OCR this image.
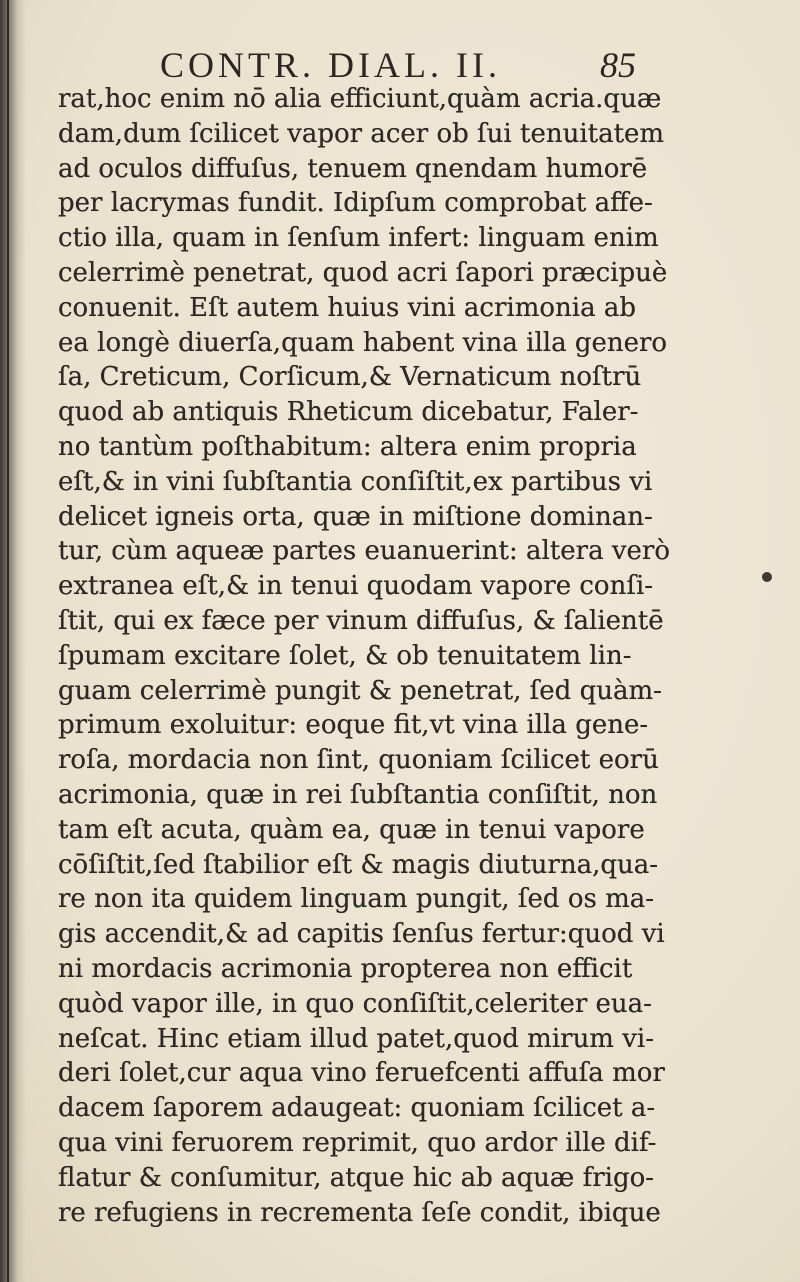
CONTR. DIAL. II.	85
rat,hoc enim nō alia efficiunt,quàm acria.quæ
dam,dum ſcilicet vapor acer ob ſui tenuitatem
ad oculos diffuſus, tenuem qnendam humorē
per lacrymas fundit. Idipſum comprobat affe-
ctio illa, quam in ſenſum infert: linguam enim
celerrimè penetrat, quod acri ſapori præcipuè
conuenit. Eſt autem huius vini acrimonia ab
ea longè diuerſa,quam habent vina illa genero
ſa, Creticum, Corſicum,& Vernaticum noſtrū
quod ab antiquis Rheticum dicebatur, Faler-
no tantùm poſthabitum: altera enim propria
eſt,& in vini ſubſtantia conſiſtit,ex partibus vi
delicet igneis orta, quæ in miſtione dominan-
tur, cùm aqueæ partes euanuerint: altera verò
extranea eſt,& in tenui quodam vapore conſi-
ſtit, qui ex fæce per vinum diffuſus, & ſalientē
ſpumam excitare ſolet, & ob tenuitatem lin-
guam celerrimè pungit & penetrat, ſed quàm-
primum exoluitur: eoque fit,vt vina illa gene-
roſa, mordacia non ſint, quoniam ſcilicet eorū
acrimonia, quæ in rei ſubſtantia conſiſtit, non
tam eſt acuta, quàm ea, quæ in tenui vapore
cōſiſtit,ſed ſtabilior eſt & magis diuturna,qua-
re non ita quidem linguam pungit, ſed os ma-
gis accendit,& ad capitis ſenſus fertur:quod vi
ni mordacis acrimonia propterea non efficit
quòd vapor ille, in quo conſiſtit,celeriter eua-
neſcat. Hinc etiam illud patet,quod mirum vi-
deri ſolet,cur aqua vino feruefcenti affuſa mor
dacem ſaporem adaugeat: quoniam ſcilicet a-
qua vini feruorem reprimit, quo ardor ille dif-
flatur & conſumitur, atque hic ab aquæ frigo-
re refugiens in recrementa ſeſe condit, ibique
